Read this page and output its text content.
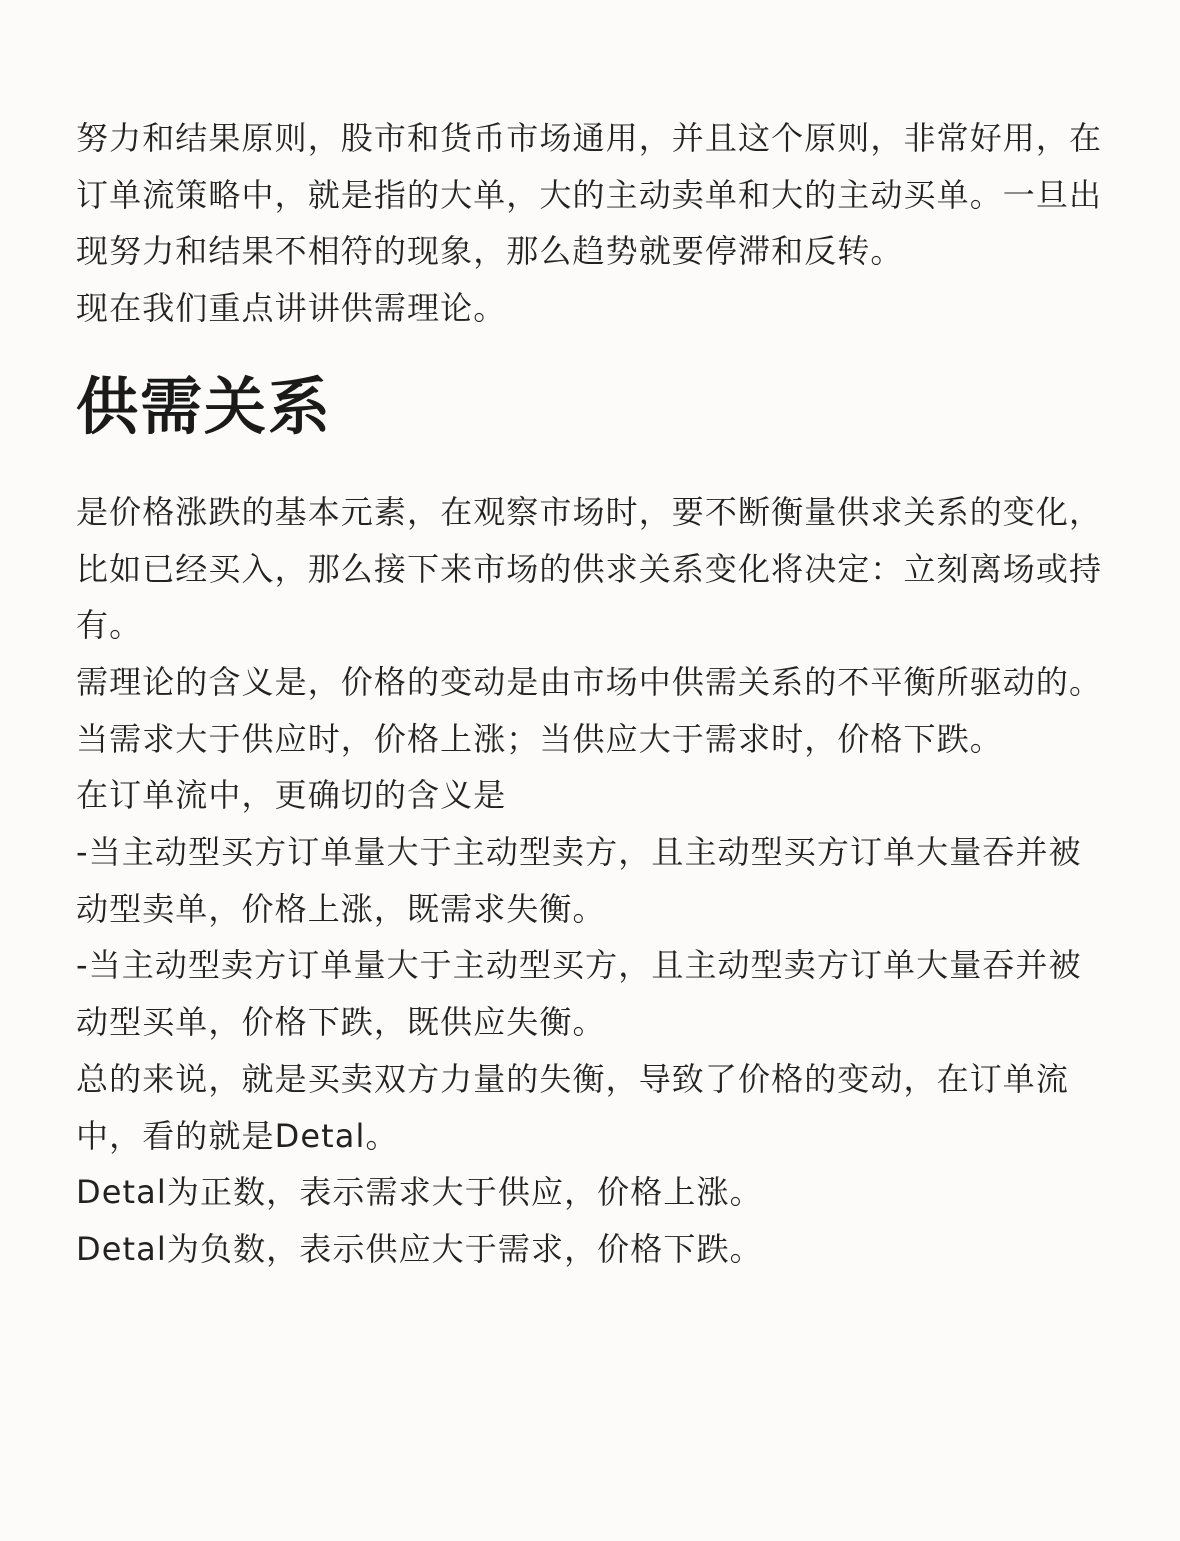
努力和结果原则，股市和货币市场通用，并且这个原则，非常好用，在订单流策略中，就是指的大单，大的主动卖单和大的主动买单。一旦出现努力和结果不相符的现象，那么趋势就要停滞和反转。

现在我们重点讲讲供需理论。

供需关系

是价格涨跌的基本元素，在观察市场时，要不断衡量供求关系的变化，比如已经买入，那么接下来市场的供求关系变化将决定：立刻离场或持有。

需理论的含义是，价格的变动是由市场中供需关系的不平衡所驱动的。

当需求大于供应时，价格上涨；当供应大于需求时，价格下跌。

在订单流中，更确切的含义是

-当主动型买方订单量大于主动型卖方，且主动型买方订单大量吞并被动型卖单，价格上涨，既需求失衡。

-当主动型卖方订单量大于主动型买方，且主动型卖方订单大量吞并被动型买单，价格下跌，既供应失衡。

总的来说，就是买卖双方力量的失衡，导致了价格的变动，在订单流中，看的就是Detal。

Detal为正数，表示需求大于供应，价格上涨。

Detal为负数，表示供应大于需求，价格下跌。
